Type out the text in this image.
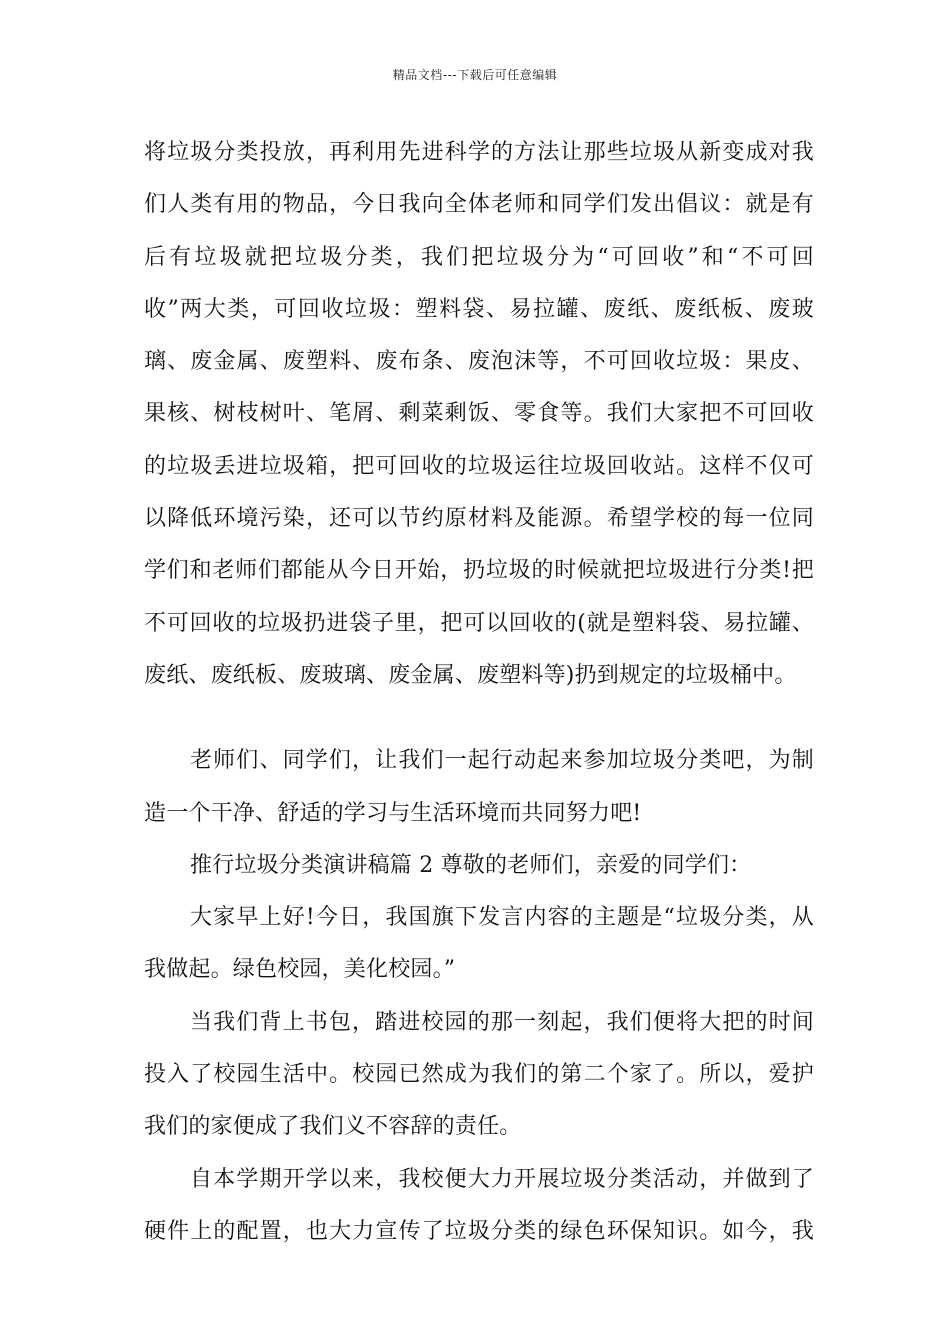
精品文档---下载后可任意编辑
将垃圾分类投放，再利用先进科学的方法让那些垃圾从新变成对我
们人类有用的物品，今日我向全体老师和同学们发出倡议：就是有
后有垃圾就把垃圾分类，我们把垃圾分为“可回收”和“不可回
收”两大类，可回收垃圾：塑料袋、易拉罐、废纸、废纸板、废玻
璃、废金属、废塑料、废布条、废泡沫等，不可回收垃圾：果皮、
果核、树枝树叶、笔屑、剩菜剩饭、零食等。我们大家把不可回收
的垃圾丢进垃圾箱，把可回收的垃圾运往垃圾回收站。这样不仅可
以降低环境污染，还可以节约原材料及能源。希望学校的每一位同
学们和老师们都能从今日开始，扔垃圾的时候就把垃圾进行分类!把
不可回收的垃圾扔进袋子里，把可以回收的(就是塑料袋、易拉罐、
废纸、废纸板、废玻璃、废金属、废塑料等)扔到规定的垃圾桶中。
老师们、同学们，让我们一起行动起来参加垃圾分类吧，为制
造一个干净、舒适的学习与生活环境而共同努力吧!
推行垃圾分类演讲稿篇 2 尊敬的老师们，亲爱的同学们：
大家早上好!今日，我国旗下发言内容的主题是“垃圾分类，从
我做起。绿色校园，美化校园。”
当我们背上书包，踏进校园的那一刻起，我们便将大把的时间
投入了校园生活中。校园已然成为我们的第二个家了。所以，爱护
我们的家便成了我们义不容辞的责任。
自本学期开学以来，我校便大力开展垃圾分类活动，并做到了
硬件上的配置，也大力宣传了垃圾分类的绿色环保知识。如今，我
